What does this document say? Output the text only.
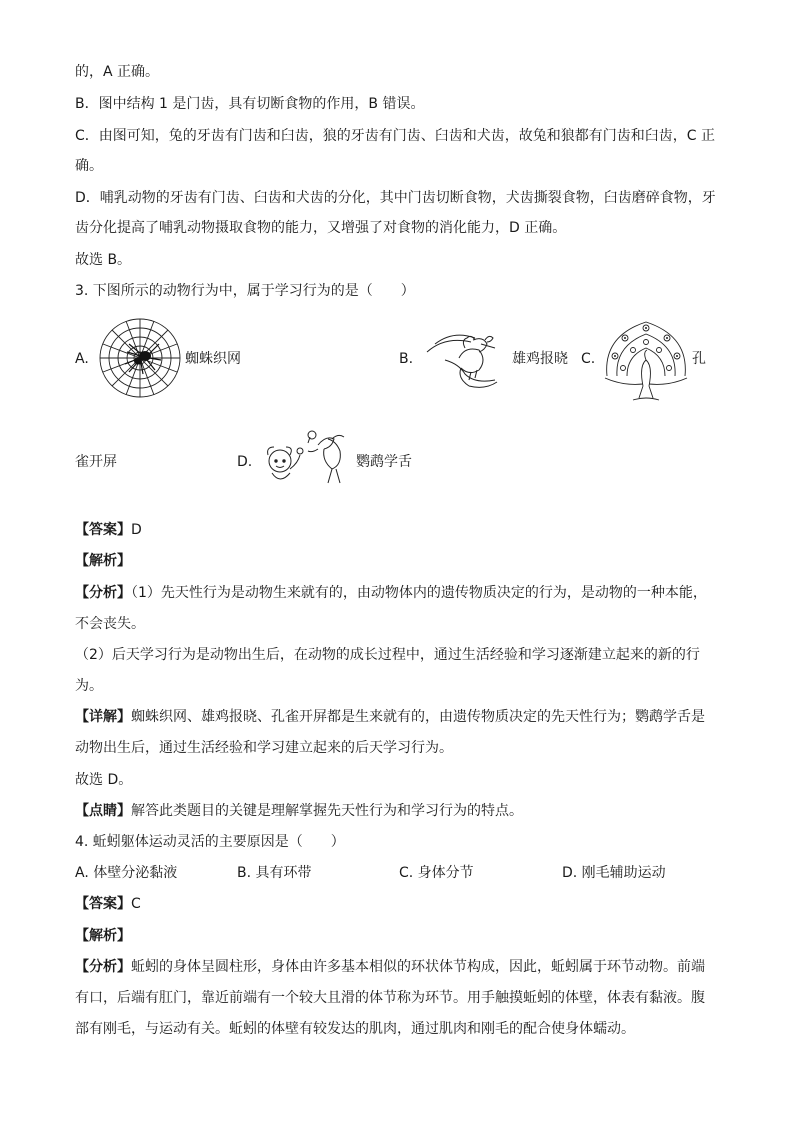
的，A 正确。
B．图中结构 1 是门齿，具有切断食物的作用，B 错误。
C．由图可知，兔的牙齿有门齿和臼齿，狼的牙齿有门齿、臼齿和犬齿，故兔和狼都有门齿和臼齿，C 正
确。
D．哺乳动物的牙齿有门齿、臼齿和犬齿的分化，其中门齿切断食物，犬齿撕裂食物，臼齿磨碎食物，牙
齿分化提高了哺乳动物摄取食物的能力，又增强了对食物的消化能力，D 正确。
故选 B。
3. 下图所示的动物行为中，属于学习行为的是（　　）
A.	蜘蛛织网	B.	雄鸡报晓 C.	孔
雀开屏	D.	鹦鹉学舌
【答案】D
【解析】
【分析】（1）先天性行为是动物生来就有的，由动物体内的遗传物质决定的行为，是动物的一种本能，
不会丧失。
（2）后天学习行为是动物出生后，在动物的成长过程中，通过生活经验和学习逐渐建立起来的新的行
为。
【详解】蜘蛛织网、雄鸡报晓、孔雀开屏都是生来就有的，由遗传物质决定的先天性行为；鹦鹉学舌是
动物出生后，通过生活经验和学习建立起来的后天学习行为。
故选 D。
【点睛】解答此类题目的关键是理解掌握先天性行为和学习行为的特点。
4. 蚯蚓躯体运动灵活的主要原因是（　　）
A. 体壁分泌黏液	B. 具有环带	C. 身体分节	D. 刚毛辅助运动
【答案】C
【解析】
【分析】蚯蚓的身体呈圆柱形，身体由许多基本相似的环状体节构成，因此，蚯蚓属于环节动物。前端
有口，后端有肛门，靠近前端有一个较大且滑的体节称为环节。用手触摸蚯蚓的体壁，体表有黏液。腹
部有刚毛，与运动有关。蚯蚓的体壁有较发达的肌肉，通过肌肉和刚毛的配合使身体蠕动。
